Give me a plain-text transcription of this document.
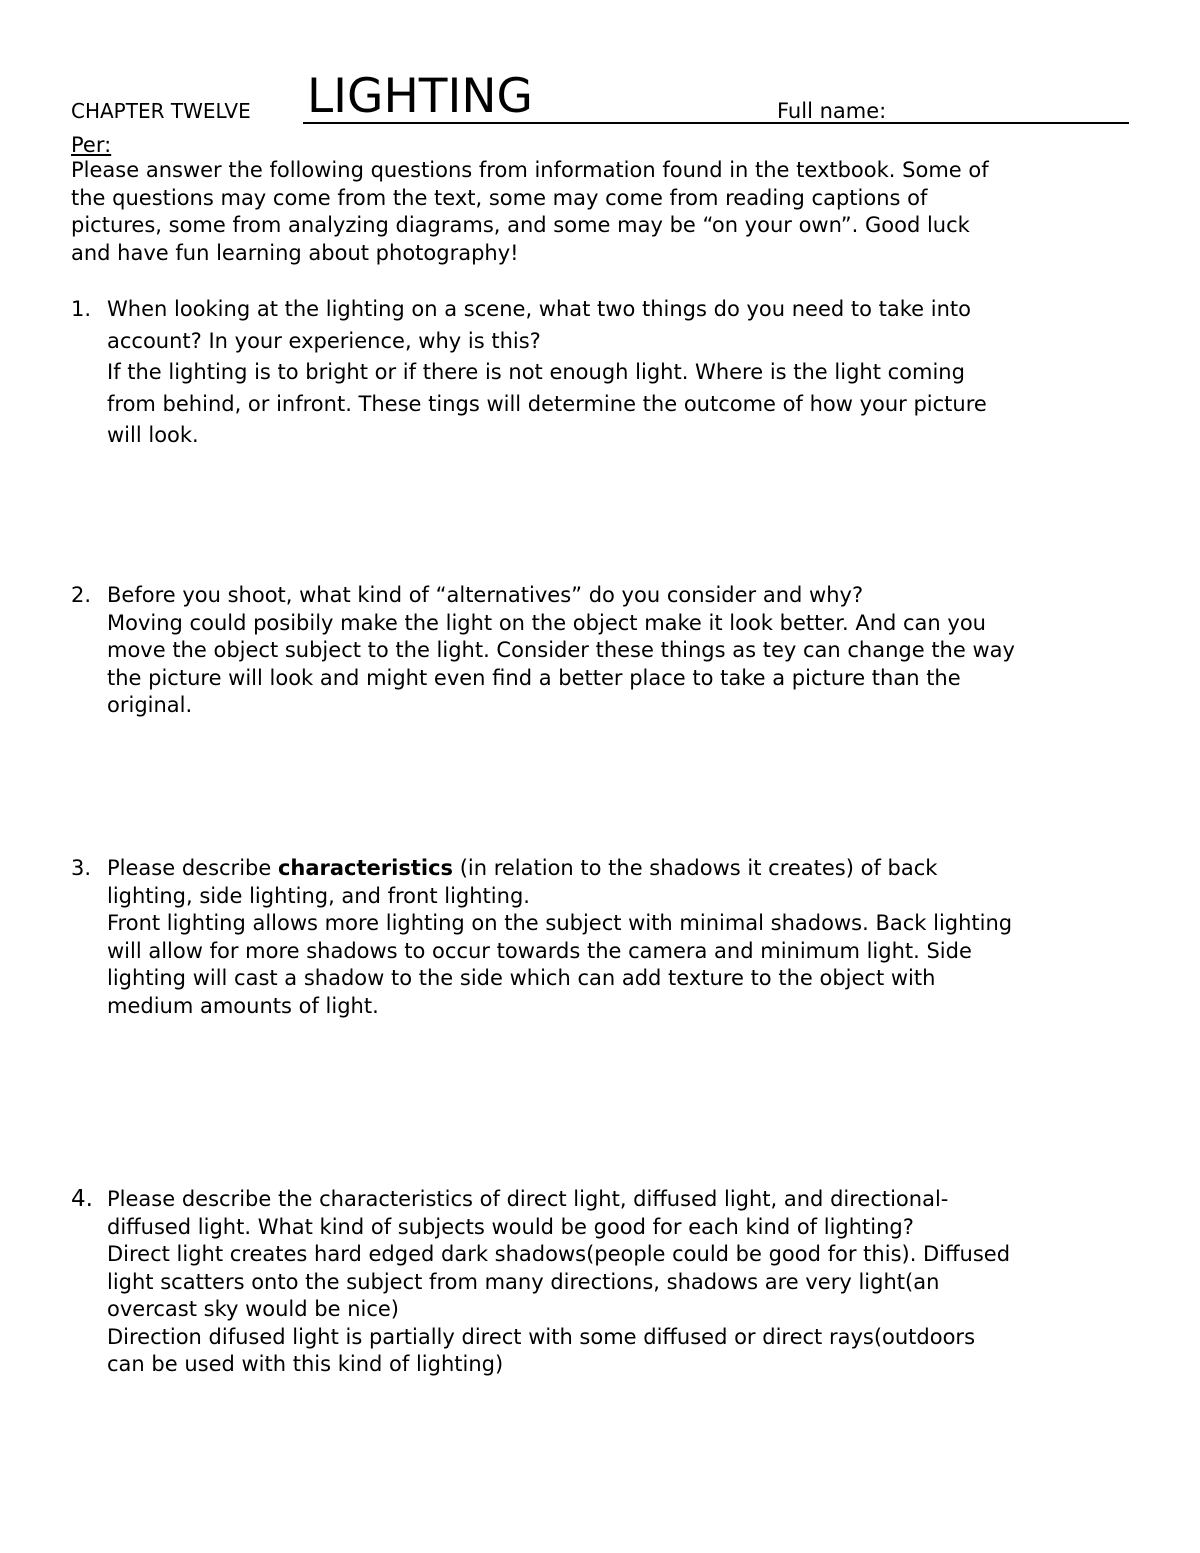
CHAPTER TWELVE LIGHTING	Full name:
Per:
Please answer the following questions from information found in the textbook. Some of
the questions may come from the text, some may come from reading captions of
pictures, some from analyzing diagrams, and some may be “on your own”. Good luck
and have fun learning about photography!
1. When looking at the lighting on a scene, what two things do you need to take into
account? In your experience, why is this?
If the lighting is to bright or if there is not enough light. Where is the light coming
from behind, or infront. These tings will determine the outcome of how your picture
will look.
2. Before you shoot, what kind of “alternatives” do you consider and why?
Moving could posibily make the light on the object make it look better. And can you
move the object subject to the light. Consider these things as tey can change the way
the picture will look and might even find a better place to take a picture than the
original.
3. Please describe characteristics (in relation to the shadows it creates) of back
lighting, side lighting, and front lighting.
Front lighting allows more lighting on the subject with minimal shadows. Back lighting
will allow for more shadows to occur towards the camera and minimum light. Side
lighting will cast a shadow to the side which can add texture to the object with
medium amounts of light.
4. Please describe the characteristics of direct light, diffused light, and directional-
diffused light. What kind of subjects would be good for each kind of lighting?
Direct light creates hard edged dark shadows(people could be good for this). Diffused
light scatters onto the subject from many directions, shadows are very light(an
overcast sky would be nice)
Direction difused light is partially direct with some diffused or direct rays(outdoors
can be used with this kind of lighting)
